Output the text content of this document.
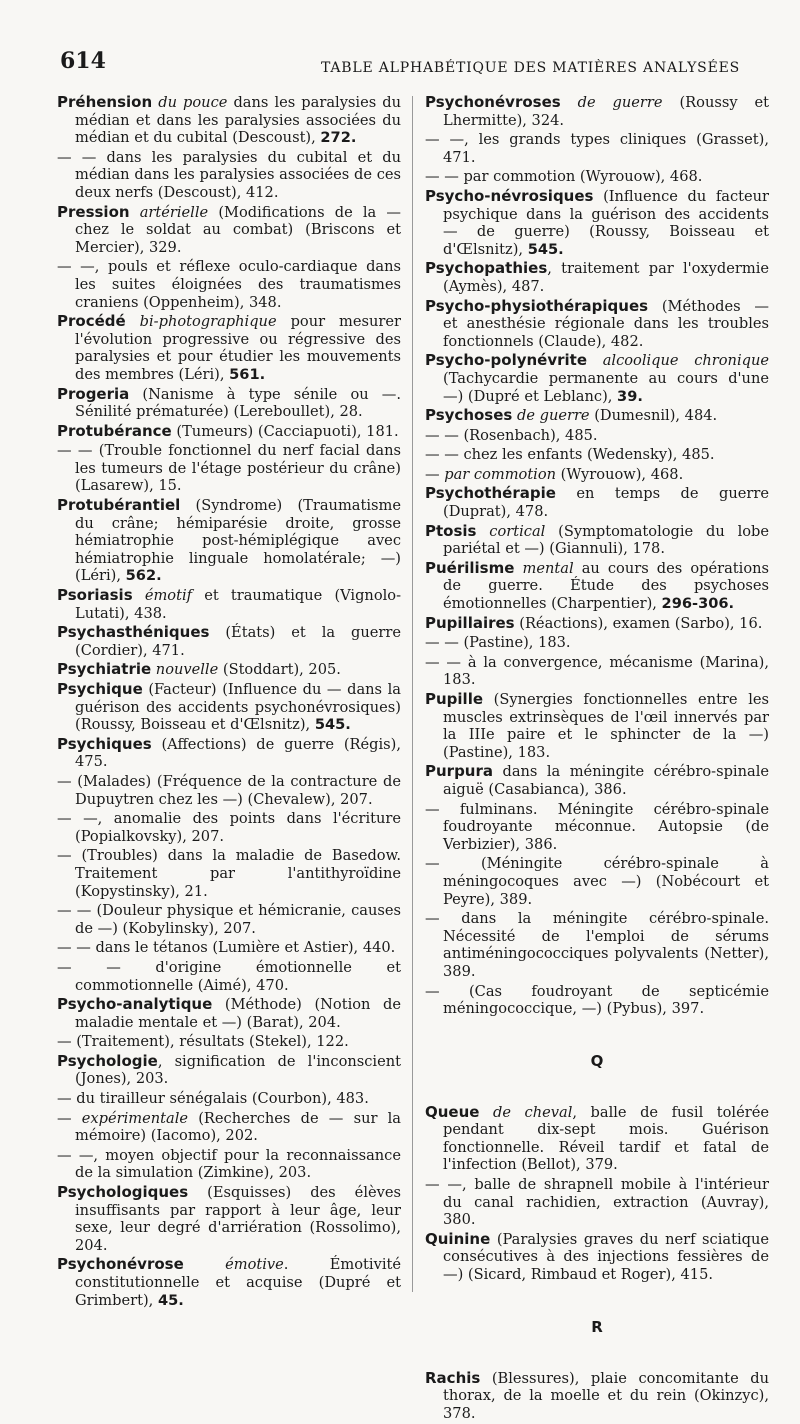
614	TABLE ALPHABÉTIQUE DES MATIÈRES ANALYSÉES

Préhension du pouce dans les paralysies du médian et dans les paralysies associées du médian et du cubital (Descoust), 272.

— — dans les paralysies du cubital et du médian dans les paralysies associées de ces deux nerfs (Descoust), 412.

Pression artérielle (Modifications de la — chez le soldat au combat) (Briscons et Mercier), 329.

— —, pouls et réflexe oculo-cardiaque dans les suites éloignées des traumatismes craniens (Oppenheim), 348.

Procédé bi-photographique pour mesurer l'évolution progressive ou régressive des paralysies et pour étudier les mouvements des membres (Léri), 561.

Progeria (Nanisme à type sénile ou —. Sénilité prématurée) (Lereboullet), 28.

Protubérance (Tumeurs) (Cacciapuoti), 181.

— — (Trouble fonctionnel du nerf facial dans les tumeurs de l'étage postérieur du crâne) (Lasarew), 15.

Protubérantiel (Syndrome) (Traumatisme du crâne; hémiparésie droite, grosse hémiatrophie post-hémiplégique avec hémiatrophie linguale homolatérale; —) (Léri), 562.

Psoriasis émotif et traumatique (Vignolo-Lutati), 438.

Psychasthéniques (États) et la guerre (Cordier), 471.

Psychiatrie nouvelle (Stoddart), 205.

Psychique (Facteur) (Influence du — dans la guérison des accidents psychonévrosiques) (Roussy, Boisseau et d'Œlsnitz), 545.

Psychiques (Affections) de guerre (Régis), 475.

— (Malades) (Fréquence de la contracture de Dupuytren chez les —) (Chevalew), 207.

— —, anomalie des points dans l'écriture (Popialkovsky), 207.

— (Troubles) dans la maladie de Basedow. Traitement par l'antithyroïdine (Kopystinsky), 21.

— — (Douleur physique et hémicranie, causes de —) (Kobylinsky), 207.

— — dans le tétanos (Lumière et Astier), 440.

— — d'origine émotionnelle et commotionnelle (Aimé), 470.

Psycho-analytique (Méthode) (Notion de maladie mentale et —) (Barat), 204.

— (Traitement), résultats (Stekel), 122.

Psychologie, signification de l'inconscient (Jones), 203.

— du tirailleur sénégalais (Courbon), 483.

— expérimentale (Recherches de — sur la mémoire) (Iacomo), 202.

— —, moyen objectif pour la reconnaissance de la simulation (Zimkine), 203.

Psychologiques (Esquisses) des élèves insuffisants par rapport à leur âge, leur sexe, leur degré d'arriération (Rossolimo), 204.

Psychonévrose	émotive. Émotivité constitutionnelle et acquise (Dupré et Grimbert), 45.

Psychonévroses de guerre (Roussy et Lhermitte), 324.

— —, les grands types cliniques (Grasset), 471.

— — par commotion (Wyrouow), 468.

Psycho-névrosiques (Influence du facteur psychique dans la guérison des accidents — de guerre) (Roussy, Boisseau et d'Œlsnitz), 545.

Psychopathies, traitement par l'oxydermie (Aymès), 487.

Psycho-physiothérapiques (Méthodes — et anesthésie régionale dans les troubles fonctionnels (Claude), 482.

Psycho-polynévrite alcoolique chronique (Tachycardie permanente au cours d'une —) (Dupré et Leblanc), 39.

Psychoses de guerre (Dumesnil), 484.

— — (Rosenbach), 485.

— — chez les enfants (Wedensky), 485.

— par commotion (Wyrouow), 468.

Psychothérapie en temps de guerre (Duprat), 478.

Ptosis cortical (Symptomatologie du lobe pariétal et —) (Giannuli), 178.

Puérilisme mental au cours des opérations de guerre. Étude des psychoses émotionnelles (Charpentier), 296-306.

Pupillaires (Réactions), examen (Sarbo), 16.

— — (Pastine), 183.

— — à la convergence, mécanisme (Marina), 183.

Pupille (Synergies fonctionnelles entre les muscles extrinsèques de l'œil innervés par la IIIe paire et le sphincter de la —) (Pastine), 183.

Purpura dans la méningite cérébro-spinale aiguë (Casabianca), 386.

— fulminans. Méningite cérébro-spinale foudroyante méconnue. Autopsie (de Verbizier), 386.

— (Méningite cérébro-spinale à méningocoques avec —) (Nobécourt et Peyre), 389.

— dans la méningite cérébro-spinale. Nécessité de l'emploi de sérums antiméningococciques polyvalents (Netter), 389.

— (Cas foudroyant de septicémie méningococcique, —) (Pybus), 397.

Q

Queue de cheval, balle de fusil tolérée pendant dix-sept mois. Guérison fonctionnelle. Réveil tardif et fatal de l'infection (Bellot), 379.

— —, balle de shrapnell mobile à l'intérieur du canal rachidien, extraction (Auvray), 380.

Quinine (Paralysies graves du nerf sciatique consécutives à des injections fessières de —) (Sicard, Rimbaud et Roger), 415.

R

Rachis (Blessures), plaie concomitante du thorax, de la moelle et du rein (Okinzyc), 378.
